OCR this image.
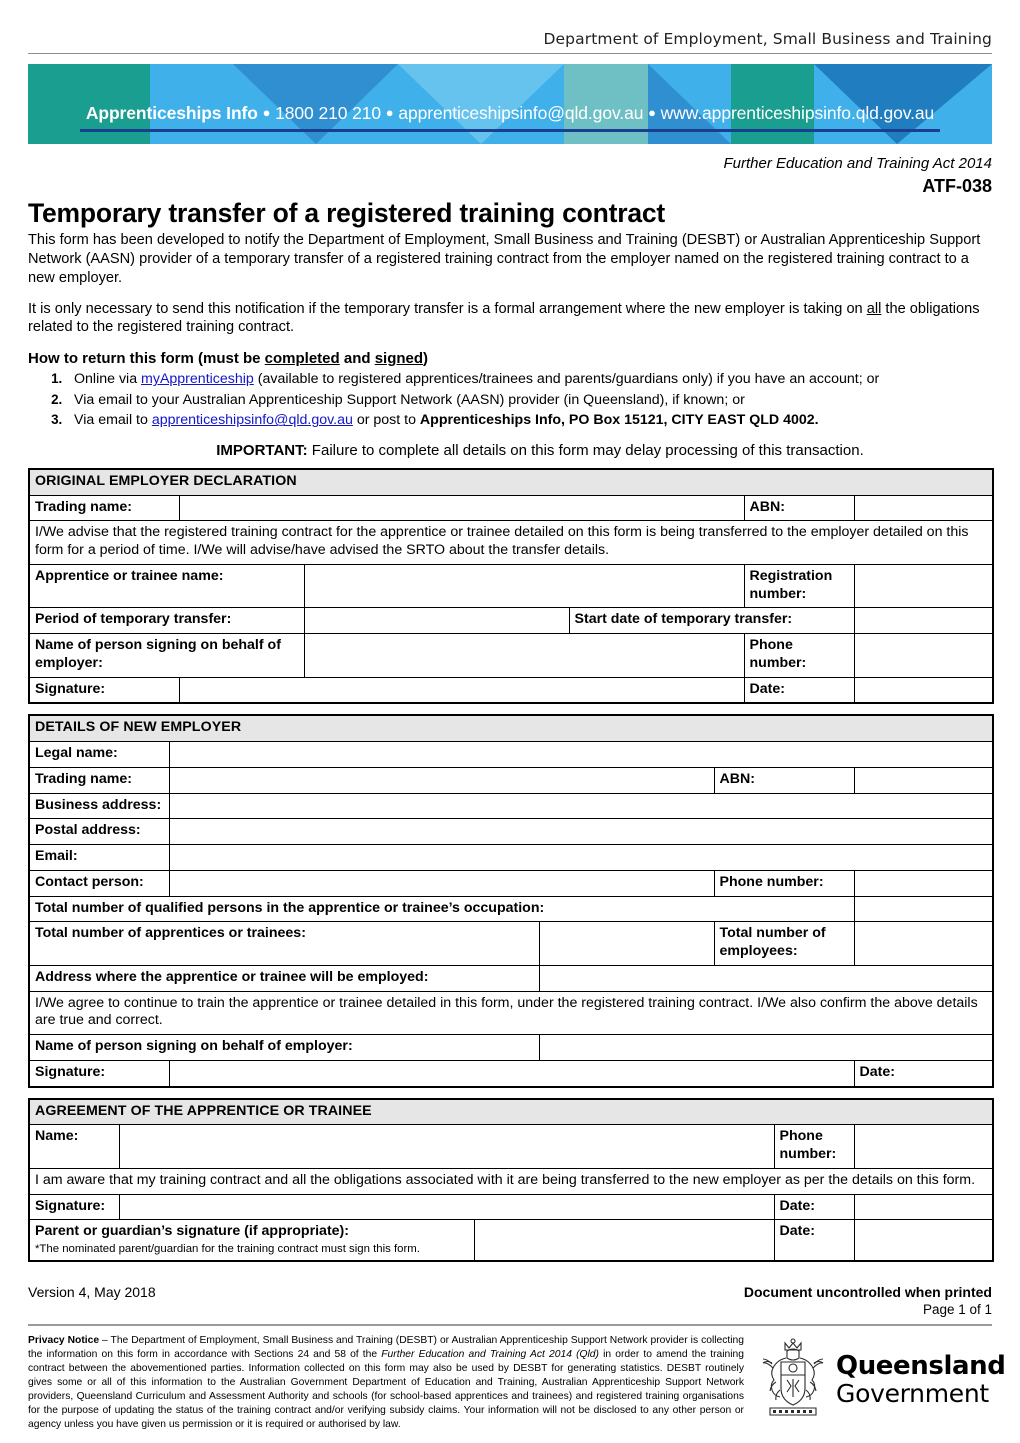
Department of Employment, Small Business and Training
Apprenticeships Info ● 1800 210 210 ● apprenticeshipsinfo@qld.gov.au ● www.apprenticeshipsinfo.qld.gov.au
Further Education and Training Act 2014
ATF-038
Temporary transfer of a registered training contract

This form has been developed to notify the Department of Employment, Small Business and Training (DESBT) or Australian Apprenticeship Support Network (AASN) provider of a temporary transfer of a registered training contract from the employer named on the registered training contract to a new employer.

It is only necessary to send this notification if the temporary transfer is a formal arrangement where the new employer is taking on all the obligations related to the registered training contract.

How to return this form (must be completed and signed)
1. Online via myApprenticeship (available to registered apprentices/trainees and parents/guardians only) if you have an account; or
2. Via email to your Australian Apprenticeship Support Network (AASN) provider (in Queensland), if known; or
3. Via email to apprenticeshipsinfo@qld.gov.au or post to Apprenticeships Info, PO Box 15121, CITY EAST QLD 4002.
IMPORTANT: Failure to complete all details on this form may delay processing of this transaction.
ORIGINAL EMPLOYER DECLARATION					
Trading name:				ABN:	
I/We advise that the registered training contract for the apprentice or trainee detailed on this form is being transferred to the employer detailed on this form for a period of time. I/We will advise/have advised the SRTO about the transfer details.					
Apprentice or trainee name:				Registration number:	
Period of temporary transfer:			Start date of temporary transfer:		
Name of person signing on behalf of employer:				Phone number:	
Signature:				Date:	
DETAILS OF NEW EMPLOYER				
Legal name:				
Trading name:			ABN:	
Business address:				
Postal address:				
Email:				
Contact person:			Phone number:	
Total number of qualified persons in the apprentice or trainee’s occupation:				
Total number of apprentices or trainees:			Total number of employees:	
Address where the apprentice or trainee will be employed:				
I/We agree to continue to train the apprentice or trainee detailed in this form, under the registered training contract. I/We also confirm the above details are true and correct.				
Name of person signing on behalf of employer:				
Signature:				Date:
AGREEMENT OF THE APPRENTICE OR TRAINEE				
Name:			Phone number:	
I am aware that my training contract and all the obligations associated with it are being transferred to the new employer as per the details on this form.				
Signature:			Date:	
Parent or guardian’s signature (if appropriate):
*The nominated parent/guardian for the training contract must sign this form.			Date:	
Version 4, May 2018	Document uncontrolled when printed
Page 1 of 1
Privacy Notice – The Department of Employment, Small Business and Training (DESBT) or Australian Apprenticeship Support Network provider is collecting the information on this form in accordance with Sections 24 and 58 of the Further Education and Training Act 2014 (Qld) in order to amend the training contract between the abovementioned parties. Information collected on this form may also be used by DESBT for generating statistics. DESBT routinely gives some or all of this information to the Australian Government Department of Education and Training, Australian Apprenticeship Support Network providers, Queensland Curriculum and Assessment Authority and schools (for school-based apprentices and trainees) and registered training organisations for the purpose of updating the status of the training contract and/or verifying subsidy claims. Your information will not be disclosed to any other person or agency unless you have given us permission or it is required or authorised by law.
Queensland
Government
